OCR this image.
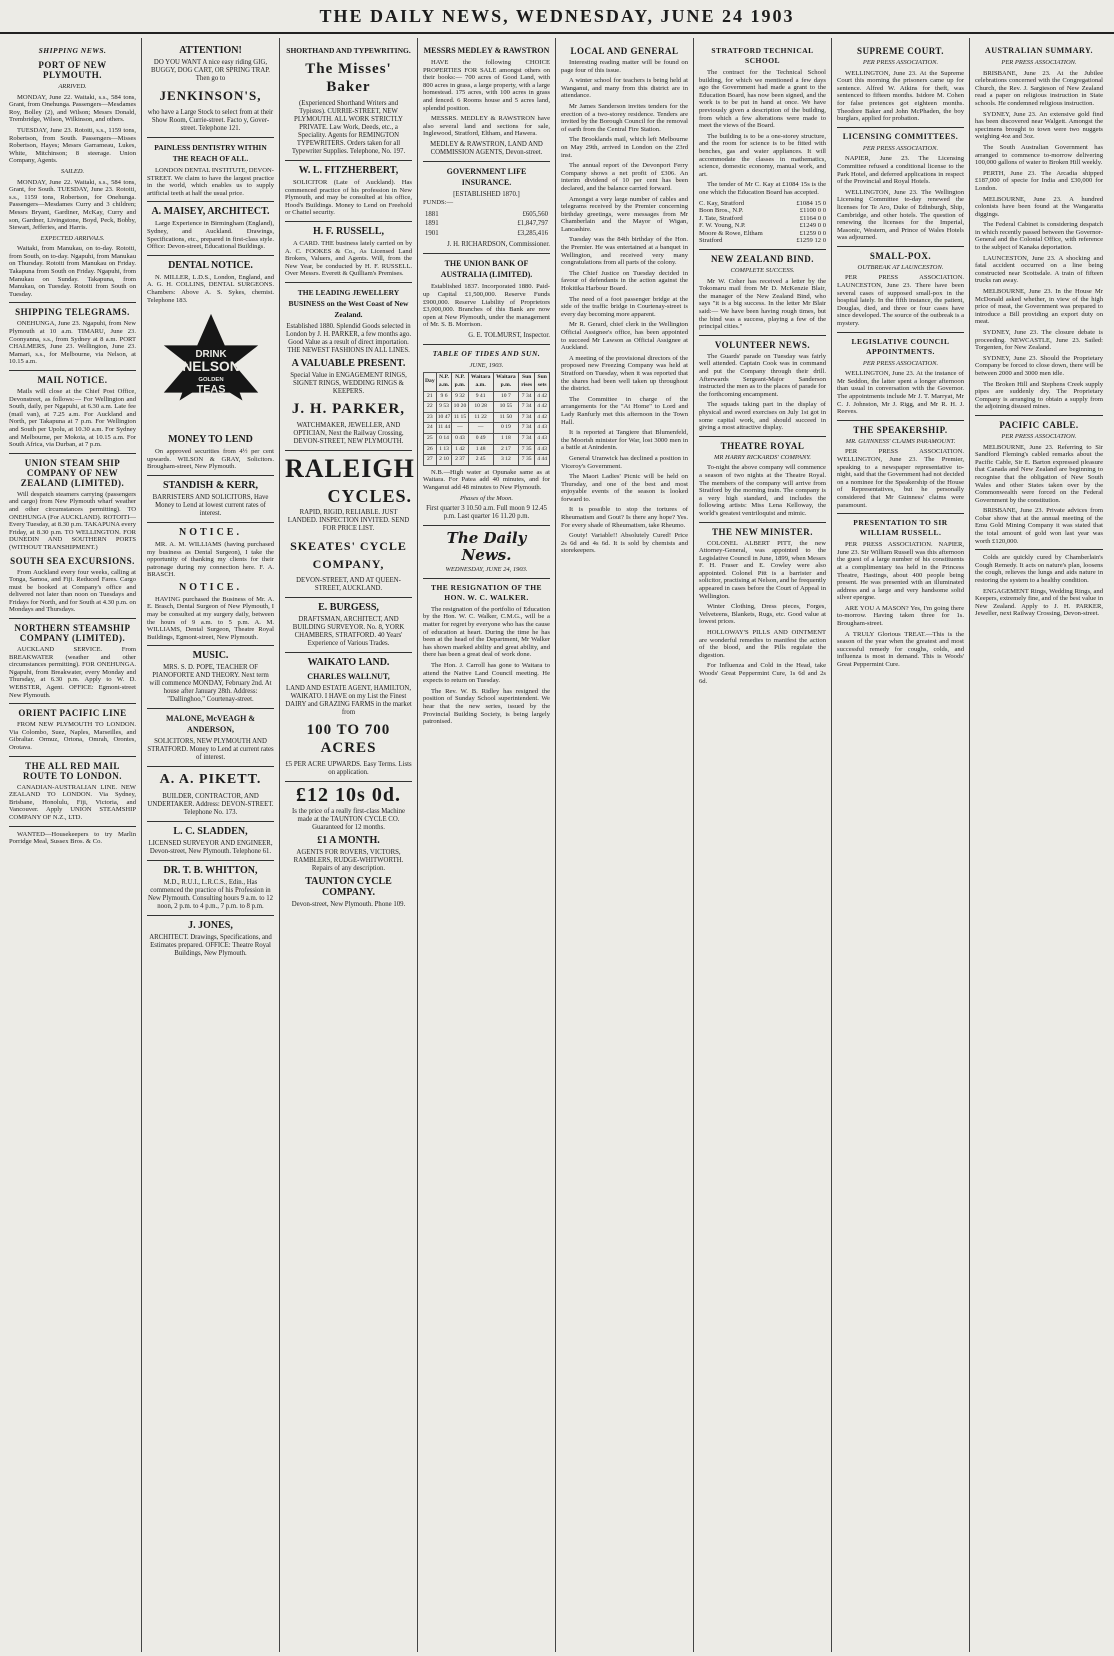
THE DAILY NEWS, WEDNESDAY, JUNE 24 1903
SHIPPING NEWS.
PORT OF NEW PLYMOUTH.
ARRIVED.
MONDAY, June 22. Waitaki, s.s., 584 tons, Grant, from Onehunga. Passengers—Mesdames Roy, Bolley (2), and Wilson; Messrs Donald, Trembridge, Wilson, Wilkinson, and others.
TUESDAY, June 23. Rotoiti, s.s., 1159 tons, Robertson, from South. Passengers—Misses Robertson, Hayes; Messrs Garrameau, Lukes, White, Mitchinson; 8 steerage. Union Company, Agents.
SAILED.
MONDAY, June 22. Waitaki, s.s., 584 tons, Grant, for South. TUESDAY, June 23. Rotoiti, s.s., 1159 tons, Robertson, for Onehunga. Passengers—Mesdames Curry and 3 children; Messrs Bryant, Gardiner, McKay, Curry and son, Gardner, Livingstone, Boyd, Peck, Bobby, Stewart, Jefferies, and Harris.
EXPECTED ARRIVALS.
Waitaki, from Manukau, on to-day. Rotoiti, from South, on to-day. Ngapuhi, from Manukau on Thursday. Rotoiti from Manukau on Friday. Takapuna from South on Friday. Ngapuhi, from Manukau on Sunday. Takapuna, from Manukau, on Tuesday. Rotoiti from South on Tuesday.
SHIPPING TELEGRAMS.
ONEHUNGA, June 23. Ngapuhi, from New Plymouth at 10 a.m. TIMARU, June 23. Coonyanna, s.s., from Sydney at 8 a.m. PORT CHALMERS, June 23. Wellington, June 23. Mamari, s.s., for Melbourne, via Nelson, at 10.15 a.m.
MAIL NOTICE.
Mails will close at the Chief Post Office, Devonstreet, as follows:— For Wellington and South, daily, per Ngapuhi, at 6.30 a.m. Late fee (mail van), at 7.25 a.m. For Auckland and North, per Takapuna at 7 p.m. For Wellington and South per Upolu, at 10.30 a.m. For Sydney and Melbourne, per Mokoia, at 10.15 a.m. For South Africa, via Durban, at 7 p.m.
UNION STEAM SHIP COMPANY OF NEW ZEALAND (LIMITED).
Will despatch steamers carrying (passengers and cargo) from New Plymouth wharf weather and other circumstances permitting). TO ONEHUNGA (For AUCKLAND). ROTOITI—Every Tuesday, at 8.30 p.m. TAKAPUNA every Friday, at 8.30 p.m. TO WELLINGTON. FOR DUNEDIN AND SOUTHERN PORTS (WITHOUT TRANSHIPMENT.)
SOUTH SEA EXCURSIONS.
From Auckland every four weeks, calling at Tonga, Samoa, and Fiji. Reduced Fares. Cargo must be booked at Company's office and delivered not later than noon on Tuesdays and Fridays for North, and for South at 4.30 p.m. on Mondays and Thursdays.
NORTHERN STEAMSHIP COMPANY (LIMITED).
AUCKLAND SERVICE. From BREAKWATER (weather and other circumstances permitting). FOR ONEHUNGA. Ngapuhi, from Breakwater, every Monday and Thursday, at 6.30 p.m. Apply to W. D. WEBSTER, Agent. OFFICE: Egmont-street New Plymouth.
ORIENT PACIFIC LINE
FROM NEW PLYMOUTH TO LONDON. Via Colombo, Suez, Naples, Marseilles, and Gibraltar. Ormuz, Ortona, Omrah, Orontes, Orotava.
THE ALL RED MAIL ROUTE TO LONDON.
CANADIAN-AUSTRALIAN LINE. NEW ZEALAND TO LONDON. Via Sydney, Brisbane, Honolulu, Fiji, Victoria, and Vancouver. Apply UNION STEAMSHIP COMPANY OF N.Z., LTD.
WANTED—Housekeepers to try Marlin Porridge Meal, Sussex Bros. & Co.
ATTENTION!
DO YOU WANT A nice easy riding GIG, BUGGY, DOG CART, OR SPRING TRAP. Then go to
JENKINSON'S,
who have a Large Stock to select from at their Show Room, Currie-street. Facto y, Gover-street. Telephone 121.
PAINLESS DENTISTRY WITHIN THE REACH OF ALL.
LONDON DENTAL INSTITUTE, DEVON-STREET. We claim to have the largest practice in the world, which enables us to supply artificial teeth at half the usual price.
A. MAISEY, ARCHITECT.
Large Experience in Birmingham (England), Sydney, and Auckland. Drawings, Specifications, etc., prepared in first-class style. Office: Devon-street, Educational Buildings.
DENTAL NOTICE.
N. MILLER, L.D.S., London, England, and A. G. H. COLLINS, DENTAL SURGEONS. Chambers: Above A. S. Sykes, chemist. Telephone 183.
DRINK
NELSON
GOLDEN
TEAS
MONEY TO LEND
On approved securities from 4½ per cent upwards. WILSON & GRAY, Solicitors. Brougham-street, New Plymouth.
STANDISH & KERR,
BARRISTERS AND SOLICITORS, Have Money to Lend at lowest current rates of interest.
NOTICE.
MR. A. M. WILLIAMS (having purchased my business as Dental Surgeon), I take the opportunity of thanking my clients for their patronage during my connection here. F. A. BRASCH.
NOTICE.
HAVING purchased the Business of Mr. A. E. Brasch, Dental Surgeon of New Plymouth, I may be consulted at my surgery daily, between the hours of 9 a.m. to 5 p.m. A. M. WILLIAMS, Dental Surgeon, Theatre Royal Buildings, Egmont-street, New Plymouth.
MUSIC.
MRS. S. D. POPE, TEACHER OF PIANOFORTE AND THEORY. Next term will commence MONDAY, February 2nd. At house after January 28th. Address: "Dallinghoo," Courtenay-street.
MALONE, McVEAGH & ANDERSON,
SOLICITORS, NEW PLYMOUTH AND STRATFORD. Money to Lend at current rates of interest.
A. A. PIKETT.
BUILDER, CONTRACTOR, AND UNDERTAKER. Address: DEVON-STREET. Telephone No. 173.
L. C. SLADDEN,
LICENSED SURVEYOR AND ENGINEER, Devon-street, New Plymouth. Telephone 61.
DR. T. B. WHITTON,
M.D., R.U.I., L.R.C.S., Edin., Has commenced the practice of his Profession in New Plymouth. Consulting hours 9 a.m. to 12 noon, 2 p.m. to 4 p.m., 7 p.m. to 8 p.m.
J. JONES,
ARCHITECT. Drawings, Specifications, and Estimates prepared. OFFICE: Theatre Royal Buildings, New Plymouth.
SHORTHAND AND TYPEWRITING.
The Misses' Baker
(Experienced Shorthand Writers and Typistes). CURRIE-STREET, NEW PLYMOUTH. ALL WORK STRICTLY PRIVATE. Law Work, Deeds, etc., a Speciality. Agents for REMINGTON TYPEWRITERS. Orders taken for all Typewriter Supplies. Telephone, No. 197.
W. L. FITZHERBERT,
SOLICITOR (Late of Auckland). Has commenced practice of his profession in New Plymouth, and may be consulted at his office, Hood's Buildings. Money to Lend on Freehold or Chattel security.
H. F. RUSSELL,
A CARD. THE business lately carried on by A. C. FOOKES & Co., As Licensed Land Brokers, Valuers, and Agents. Will, from the New Year, be conducted by H. F. RUSSELL. Over Messrs. Everett & Quilliam's Premises.
THE LEADING JEWELLERY BUSINESS on the West Coast of New Zealand.
Established 1880. Splendid Goods selected in London by J. H. PARKER, a few months ago. Good Value as a result of direct importation. THE NEWEST FASHIONS IN ALL LINES.
A VALUABLE PRESENT.
Special Value in ENGAGEMENT RINGS, SIGNET RINGS, WEDDING RINGS & KEEPERS.
J. H. PARKER,
WATCHMAKER, JEWELLER, AND OPTICIAN, Next the Railway Crossing, DEVON-STREET, NEW PLYMOUTH.
RALEIGH
CYCLES.
RAPID, RIGID, RELIABLE. JUST LANDED. INSPECTION INVITED. SEND FOR PRICE LIST.
SKEATES' CYCLE COMPANY,
DEVON-STREET, AND AT QUEEN-STREET, AUCKLAND.
E. BURGESS,
DRAFTSMAN, ARCHITECT, AND BUILDING SURVEYOR. No. 8, YORK CHAMBERS, STRATFORD. 40 Years' Experience of Various Trades.
WAIKATO LAND.
CHARLES WALLNUT,
LAND AND ESTATE AGENT, HAMILTON, WAIKATO. I HAVE on my List the Finest DAIRY and GRAZING FARMS in the market from
100 TO 700 ACRES
£5 PER ACRE UPWARDS. Easy Terms. Lists on application.
£12 10s 0d.
Is the price of a really first-class Machine made at the TAUNTON CYCLE CO. Guaranteed for 12 months.
£1 A MONTH.
AGENTS FOR ROVERS, VICTORS, RAMBLERS, RUDGE-WHITWORTH. Repairs of any description.
TAUNTON CYCLE COMPANY.
Devon-street, New Plymouth. Phone 109.
MESSRS MEDLEY & RAWSTRON
HAVE the following CHOICE PROPERTIES FOR SALE amongst others on their books:— 700 acres of Good Land, with 800 acres in grass, a large property, with a large homestead. 175 acres, with 100 acres in grass and fenced. 6 Rooms house and 5 acres land, splendid position.
MESSRS. MEDLEY & RAWSTRON have also several land and sections for sale, Inglewood, Stratford, Eltham, and Hawera.
MEDLEY & RAWSTRON, LAND AND COMMISSION AGENTS, Devon-street.
GOVERNMENT LIFE INSURANCE.
[ESTABLISHED 1870.]
FUNDS:—
1881	£605,560
1891	£1,847,797
1901	£3,285,416
J. H. RICHARDSON, Commissioner.
THE UNION BANK OF AUSTRALIA (LIMITED).
Established 1837. Incorporated 1880. Paid-up Capital £1,500,000. Reserve Funds £900,000. Reserve Liability of Proprietors £3,000,000. Branches of this Bank are now open at New Plymouth, under the management of Mr. S. B. Morrison.
G. E. TOLMURST, Inspector.
TABLE OF TIDES AND SUN.
JUNE, 1903.
Day	N.P. a.m.	N.P. p.m.	Waitara a.m.	Waitara p.m.	Sun rises	Sun sets
21	9 6	9 32	9 41	10 7	7 34	4 42
22	9 53	10 20	10 28	10 55	7 34	4 42
23	10 47	11 15	11 22	11 50	7 34	4 42
24	11 44	—	—	0 19	7 34	4 43
25	0 14	0 43	0 49	1 18	7 34	4 43
26	1 13	1 42	1 48	2 17	7 35	4 43
27	2 10	2 37	2 45	3 12	7 35	4 44
N.B.—High water at Opunake same as at Waitara. For Patea add 40 minutes, and for Wanganui add 48 minutes to New Plymouth.
Phases of the Moon.
First quarter 3 10.50 a.m. Full moon 9 12.45 p.m. Last quarter 16 11.20 p.m.
The Daily News.
WEDNESDAY, JUNE 24, 1903.
THE RESIGNATION OF THE HON. W. C. WALKER.
The resignation of the portfolio of Education by the Hon. W. C. Walker, C.M.G., will be a matter for regret by everyone who has the cause of education at heart. During the time he has been at the head of the Department, Mr Walker has shown marked ability and great ability, and there has been a great deal of work done.
The Hon. J. Carroll has gone to Waitara to attend the Native Land Council meeting. He expects to return on Tuesday.
The Rev. W. B. Ridley has resigned the position of Sunday School superintendent. We hear that the new series, issued by the Provincial Building Society, is being largely patronised.
LOCAL AND GENERAL
Interesting reading matter will be found on page four of this issue.
A winter school for teachers is being held at Wanganui, and many from this district are in attendance.
Mr James Sanderson invites tenders for the erection of a two-storey residence. Tenders are invited by the Borough Council for the removal of earth from the Central Fire Station.
The Brooklands mail, which left Melbourne on May 29th, arrived in London on the 23rd inst.
The annual report of the Devonport Ferry Company shows a net profit of £306. An interim dividend of 10 per cent has been declared, and the balance carried forward.
Amongst a very large number of cables and telegrams received by the Premier concerning birthday greetings, were messages from Mr Chamberlain and the Mayor of Wigan, Lancashire.
Tuesday was the 84th birthday of the Hon. the Premier. He was entertained at a banquet in Wellington, and received very many congratulations from all parts of the colony.
The Chief Justice on Tuesday decided in favour of defendants in the action against the Hokitika Harbour Board.
The need of a foot passenger bridge at the side of the traffic bridge in Courtenay-street is every day becoming more apparent.
Mr R. Gerard, chief clerk in the Wellington Official Assignee's office, has been appointed to succeed Mr Lawson as Official Assignee at Auckland.
A meeting of the provisional directors of the proposed new Freezing Company was held at Stratford on Tuesday, when it was reported that the shares had been well taken up throughout the district.
The Committee in charge of the arrangements for the "At Home" to Lord and Lady Ranfurly met this afternoon in the Town Hall.
It is reported at Tangiere that Blumenfeld, the Moorish minister for War, lost 3000 men in a battle at Anindenin.
General Uranwick has declined a position in Viceroy's Government.
The Maori Ladies' Picnic will be held on Thursday, and one of the best and most enjoyable events of the season is looked forward to.
It is possible to stop the tortures of Rheumatism and Gout? Is there any hope? Yes. For every shade of Rheumatism, take Rheumo.
Gouty! Variable!! Absolutely Cured! Price 2s 6d and 4s 6d. It is sold by chemists and storekeepers.
STRATFORD TECHNICAL SCHOOL
The contract for the Technical School building, for which we mentioned a few days ago the Government had made a grant to the Education Board, has now been signed, and the work is to be put in hand at once. We have previously given a description of the building, from which a few alterations were made to meet the views of the Board.
The building is to be a one-storey structure, and the room for science is to be fitted with benches, gas and water appliances. It will accommodate the classes in mathematics, science, domestic economy, manual work, and art.
The tender of Mr C. Kay at £1084 15s is the one which the Education Board has accepted.
C. Kay, Stratford	£1084 15 0
Boon Bros., N.P.	£1100 0 0
J. Tate, Stratford	£1164 0 0
F. W. Young, N.P.	£1249 0 0
Moore & Rowe, Eltham	£1259 0 0
Stratford	£1259 12 0
NEW ZEALAND BIND.
COMPLETE SUCCESS.
Mr W. Coher has received a letter by the Tokomaru mail from Mr D. McKenzie Blair, the manager of the New Zealand Bind, who says "it is a big success. In the letter Mr Blair said:— We have been having rough times, but the bind was a success, playing a few of the principal cities."
VOLUNTEER NEWS.
The Guards' parade on Tuesday was fairly well attended. Captain Cook was in command and put the Company through their drill. Afterwards Sergeant-Major Sanderson instructed the men as to the places of parade for the forthcoming encampment.
The squads taking part in the display of physical and sword exercises on July 1st got in some capital work, and should succeed in giving a most attractive display.
THEATRE ROYAL
MR HARRY RICKARDS' COMPANY.
To-night the above company will commence a season of two nights at the Theatre Royal. The members of the company will arrive from Stratford by the morning train. The company is a very high standard, and includes the following artists: Miss Lena Kelloway, the world's greatest ventriloquist and mimic.
THE NEW MINISTER.
COLONEL ALBERT PITT, the new Attorney-General, was appointed to the Legislative Council in June, 1899, when Messrs F. H. Fraser and E. Cowley were also appointed. Colonel Pitt is a barrister and solicitor, practising at Nelson, and he frequently appeared in cases before the Court of Appeal in Wellington.
Winter Clothing, Dress pieces, Forges, Velveteens, Blankets, Rugs, etc. Good value at lowest prices.
HOLLOWAY'S PILLS AND OINTMENT are wonderful remedies to manifest the action of the blood, and the Pills regulate the digestion.
For Influenza and Cold in the Head, take Woods' Great Peppermint Cure, 1s 6d and 2s 6d.
SUPREME COURT.
PER PRESS ASSOCIATION.
WELLINGTON, June 23. At the Supreme Court this morning the prisoners came up for sentence. Alfred W. Atkins for theft, was sentenced to fifteen months. Isidore M. Cohen for false pretences got eighteen months. Theodore Baker and John McPhaden, the boy burglars, applied for probation.
LICENSING COMMITTEES.
PER PRESS ASSOCIATION.
NAPIER, June 23. The Licensing Committee refused a conditional license to the Park Hotel, and deferred applications in respect of the Provincial and Royal Hotels.
WELLINGTON, June 23. The Wellington Licensing Committee to-day renewed the licenses for Te Aro, Duke of Edinburgh, Ship, Cambridge, and other hotels. The question of renewing the licenses for the Imperial, Masonic, Western, and Prince of Wales Hotels was adjourned.
SMALL-POX.
OUTBREAK AT LAUNCESTON.
PER PRESS ASSOCIATION. LAUNCESTON, June 23. There have been several cases of supposed small-pox in the hospital lately. In the fifth instance, the patient, Douglas, died, and three or four cases have since developed. The source of the outbreak is a mystery.
LEGISLATIVE COUNCIL APPOINTMENTS.
PER PRESS ASSOCIATION.
WELLINGTON, June 23. At the instance of Mr Seddon, the latter spent a longer afternoon than usual in conversation with the Governor. The appointments include Mr J. T. Marryat, Mr C. J. Johnston, Mr J. Rigg, and Mr R. H. J. Reeves.
THE SPEAKERSHIP.
MR. GUINNESS' CLAIMS PARAMOUNT.
PER PRESS ASSOCIATION. WELLINGTON, June 23. The Premier, speaking to a newspaper representative to-night, said that the Government had not decided on a nominee for the Speakership of the House of Representatives, but he personally considered that Mr Guinness' claims were paramount.
PRESENTATION TO SIR WILLIAM RUSSELL.
PER PRESS ASSOCIATION. NAPIER, June 23. Sir William Russell was this afternoon the guest of a large number of his constituents at a complimentary tea held in the Princess Theatre, Hastings, about 400 people being present. He was presented with an illuminated address and a large and very handsome solid silver epergne.
ARE YOU A MASON? Yes, I'm going there to-morrow. Having taken three for 1s. Brougham-street.
A TRULY Glorious TREAT.—This is the season of the year when the greatest and most successful remedy for coughs, colds, and influenza is most in demand. This is Woods' Great Peppermint Cure.
AUSTRALIAN SUMMARY.
PER PRESS ASSOCIATION.
BRISBANE, June 23. At the Jubilee celebrations concerned with the Congregational Church, the Rev. J. Sargieson of New Zealand read a paper on religious instruction in State schools. He condemned religious instruction.
SYDNEY, June 23. An extensive gold find has been discovered near Walgett. Amongst the specimens brought to town were two nuggets weighing 4oz and 3oz.
The South Australian Government has arranged to commence to-morrow delivering 100,000 gallons of water to Broken Hill weekly.
PERTH, June 23. The Arcadia shipped £187,000 of specie for India and £30,000 for London.
MELBOURNE, June 23. A hundred colonists have been found at the Wangaratta diggings.
The Federal Cabinet is considering despatch in which recently passed between the Governor-General and the Colonial Office, with reference to the subject of Kanaka deportation.
LAUNCESTON, June 23. A shocking and fatal accident occurred on a line being constructed near Scottsdale. A train of fifteen trucks ran away.
MELBOURNE, June 23. In the House Mr McDonald asked whether, in view of the high price of meat, the Government was prepared to introduce a Bill providing an export duty on meat.
SYDNEY, June 23. The closure debate is proceeding. NEWCASTLE, June 23. Sailed: Torgenten, for New Zealand.
SYDNEY, June 23. Should the Proprietary Company be forced to close down, there will be between 2000 and 3000 men idle.
The Broken Hill and Stephens Creek supply pipes are suddenly dry. The Proprietary Company is arranging to obtain a supply from the adjoining disused mines.
PACIFIC CABLE.
PER PRESS ASSOCIATION.
MELBOURNE, June 23. Referring to Sir Sandford Fleming's cabled remarks about the Pacific Cable, Sir E. Barton expressed pleasure that Canada and New Zealand are beginning to recognise that the obligation of New South Wales and other States taken over by the Commonwealth were forced on the Federal Government by the constitution.
BRISBANE, June 23. Private advices from Cobar show that at the annual meeting of the Emu Gold Mining Company it was stated that the total amount of gold won last year was worth £120,000.
Colds are quickly cured by Chamberlain's Cough Remedy. It acts on nature's plan, loosens the cough, relieves the lungs and aids nature in restoring the system to a healthy condition.
ENGAGEMENT Rings, Wedding Rings, and Keepers, extremely fine, and of the best value in New Zealand. Apply to J. H. PARKER, Jeweller, next Railway Crossing, Devon-street.
